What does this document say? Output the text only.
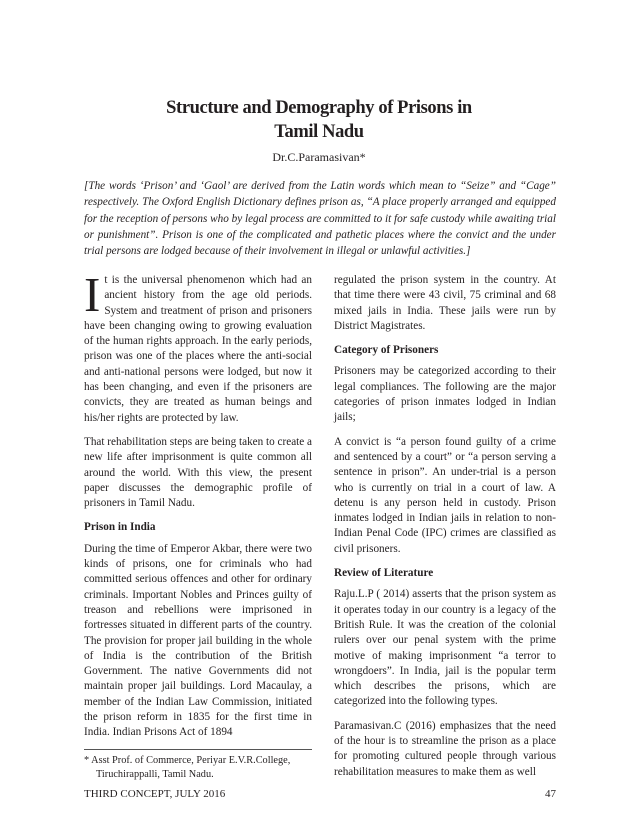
Structure and Demography of Prisons in
Tamil Nadu
Dr.C.Paramasivan*
[The words ‘Prison’ and ‘Gaol’ are derived from the Latin words which mean to “Seize” and “Cage” respectively. The Oxford English Dictionary defines prison as, “A place properly arranged and equipped for the reception of persons who by legal process are committed to it for safe custody while awaiting trial or punishment”. Prison is one of the complicated and pathetic places where the convict and the under trial persons are lodged because of their involvement in illegal or unlawful activities.]

It is the universal phenomenon which had an ancient history from the age old periods. System and treatment of prison and prisoners have been changing owing to growing evaluation of the human rights approach. In the early periods, prison was one of the places where the anti-social and anti-national persons were lodged, but now it has been changing, and even if the prisoners are convicts, they are treated as human beings and his/her rights are protected by law.

That rehabilitation steps are being taken to create a new life after imprisonment is quite common all around the world. With this view, the present paper discusses the demographic profile of prisoners in Tamil Nadu.

Prison in India

During the time of Emperor Akbar, there were two kinds of prisons, one for criminals who had committed serious offences and other for ordinary criminals. Important Nobles and Princes guilty of treason and rebellions were imprisoned in fortresses situated in different parts of the country. The provision for proper jail building in the whole of India is the contribution of the British Government. The native Governments did not maintain proper jail buildings. Lord Macaulay, a member of the Indian Law Commission, initiated the prison reform in 1835 for the first time in India. Indian Prisons Act of 1894

regulated the prison system in the country. At that time there were 43 civil, 75 criminal and 68 mixed jails in India. These jails were run by District Magistrates.

Category of Prisoners

Prisoners may be categorized according to their legal compliances. The following are the major categories of prison inmates lodged in Indian jails;

A convict is “a person found guilty of a crime and sentenced by a court” or “a person serving a sentence in prison”. An under-trial is a person who is currently on trial in a court of law. A detenu is any person held in custody. Prison inmates lodged in Indian jails in relation to non-Indian Penal Code (IPC) crimes are classified as civil prisoners.

Review of Literature

Raju.L.P ( 2014) asserts that the prison system as it operates today in our country is a legacy of the British Rule. It was the creation of the colonial rulers over our penal system with the prime motive of making imprisonment “a terror to wrongdoers”. In India, jail is the popular term which describes the prisons, which are categorized into the following types.

Paramasivan.C (2016) emphasizes that the need of the hour is to streamline the prison as a place for promoting cultured people through various rehabilitation measures to make them as well

* Asst Prof. of Commerce, Periyar E.V.R.College,
Tiruchirappalli, Tamil Nadu.
THIRD CONCEPT, JULY 2016	47
